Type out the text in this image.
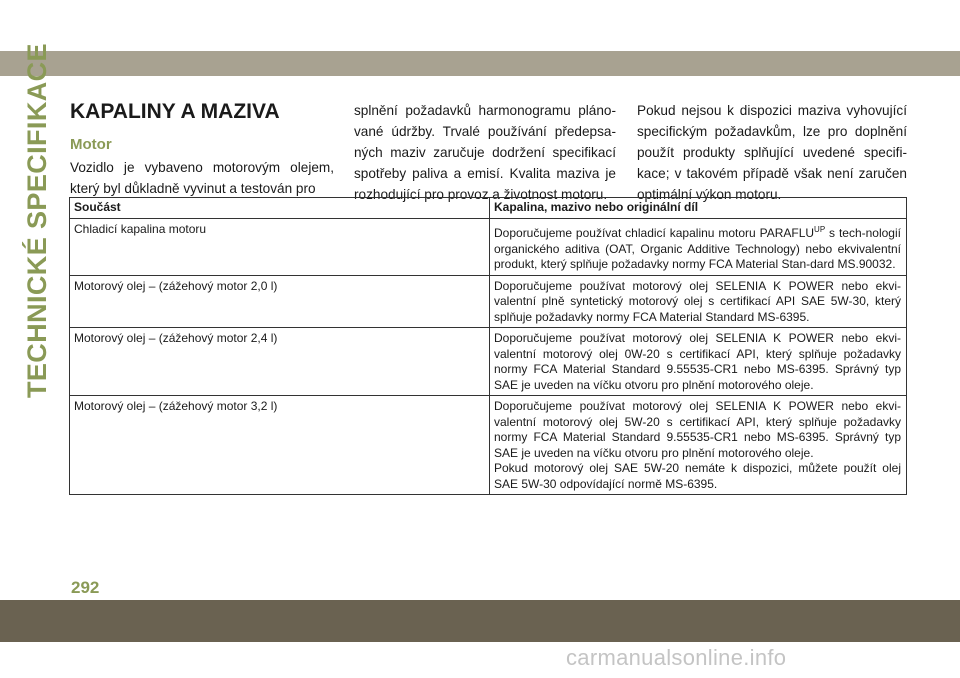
TECHNICKÉ SPECIFIKACE KAPALINY A MAZIVA
Motor

Vozidlo je vybaveno motorovým olejem, který byl důkladně vyvinut a testován pro

splnění požadavků harmonogramu pláno-vané údržby. Trvalé používání předepsa-ných maziv zaručuje dodržení specifikací spotřeby paliva a emisí. Kvalita maziva je rozhodující pro provoz a životnost motoru.

Pokud nejsou k dispozici maziva vyhovující specifickým požadavkům, lze pro doplnění použít produkty splňující uvedené specifi-kace; v takovém případě však není zaručen optimální výkon motoru.

Součást	Kapalina, mazivo nebo originální díl
Chladicí kapalina motoru	Doporučujeme používat chladicí kapalinu motoru $PARAFLU^{UP}$ s tech-nologií organického aditiva (OAT, Organic Additive Technology) nebo ekvivalentní produkt, který splňuje požadavky normy FCA Material Stan-dard MS.90032.
Motorový olej – (zážehový motor 2,0 l)	Doporučujeme používat motorový olej SELENIA K POWER nebo ekvi-valentní plně syntetický motorový olej s certifikací API SAE 5W-30, který splňuje požadavky normy FCA Material Standard MS-6395.
Motorový olej – (zážehový motor 2,4 l)	Doporučujeme používat motorový olej SELENIA K POWER nebo ekvi-valentní motorový olej 0W-20 s certifikací API, který splňuje požadavky normy FCA Material Standard 9.55535-CR1 nebo MS-6395. Správný typ SAE je uveden na víčku otvoru pro plnění motorového oleje.
Motorový olej – (zážehový motor 3,2 l)	Doporučujeme používat motorový olej SELENIA K POWER nebo ekvi-valentní motorový olej 5W-20 s certifikací API, který splňuje požadavky normy FCA Material Standard 9.55535-CR1 nebo MS-6395. Správný typ SAE je uveden na víčku otvoru pro plnění motorového oleje.
Pokud motorový olej SAE 5W-20 nemáte k dispozici, můžete použít olej SAE 5W-30 odpovídající normě MS-6395.
292
carmanualsonline.info
